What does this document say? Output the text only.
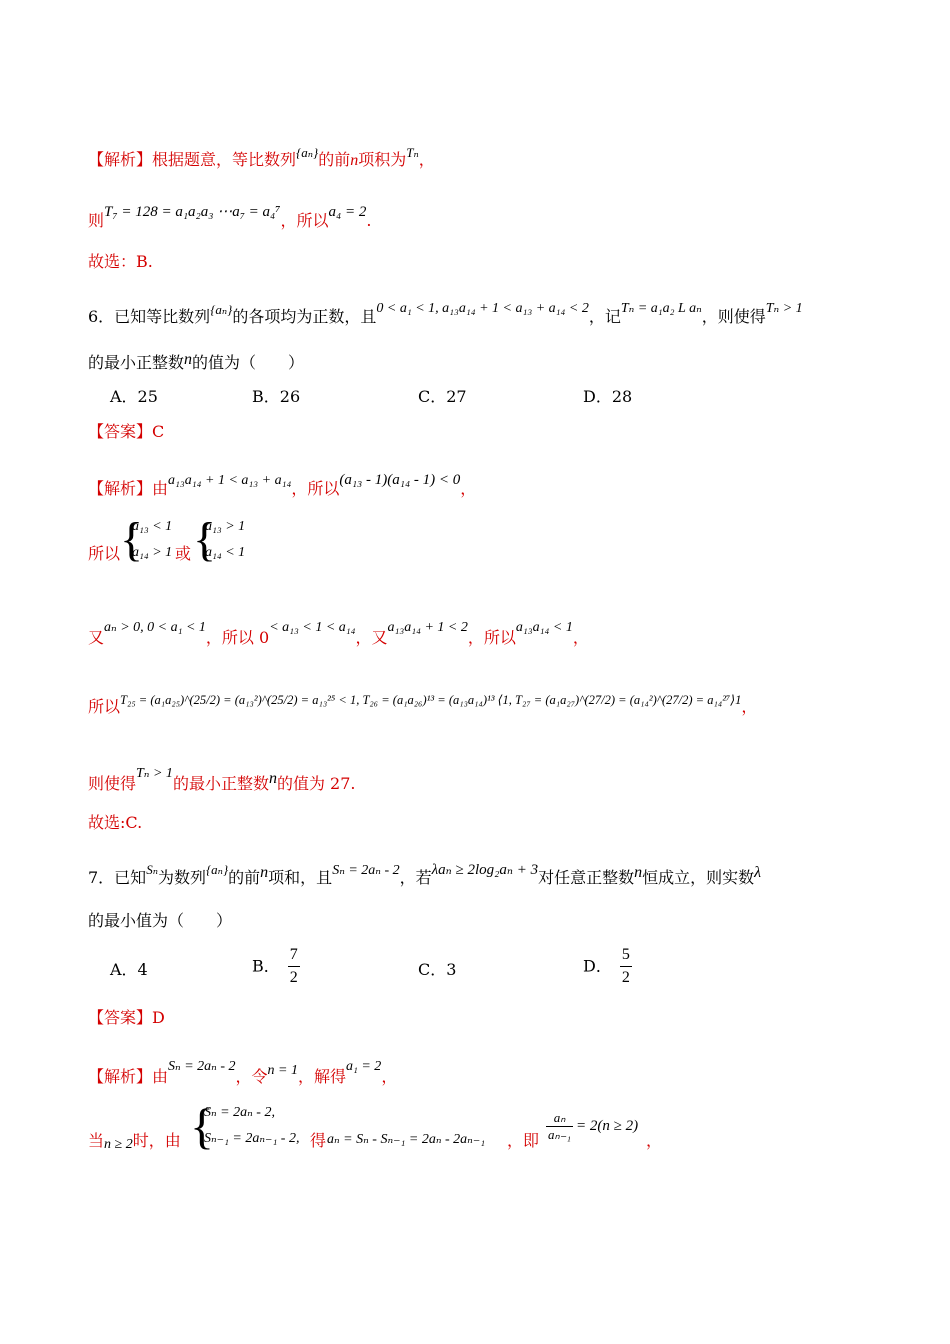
【解析】根据题意，等比数列$^{\{a_n\}}$的前n项积为$^{T_n}$，
则T₇ = 128 = a₁a₂a₃ ⋯a₇ = a₄⁷，所以a₄ = 2.
故选：B.
6．已知等比数列$^{\{a_n\}}$的各项均为正数，且0 < a₁ < 1, a₁₃a₁₄ + 1 < a₁₃ + a₁₄ < 2，记Tₙ = a₁a₂ L aₙ，则使得Tₙ > 1
的最小正整数n的值为（　　）
A．25	B．26	C．27	D．28
【答案】C
【解析】由a₁₃a₁₄ + 1 < a₁₃ + a₁₄，所以(a₁₃ - 1)(a₁₄ - 1) < 0，
所以 {
a₁₃ < 1
a₁₄ > 1 或 {
a₁₃ > 1
a₁₄ < 1
又aₙ > 0, 0 < a₁ < 1，所以 0< a₁₃ < 1 < a₁₄，又a₁₃a₁₄ + 1 < 2，所以a₁₃a₁₄ < 1，
所以$^{T_{25} = (a_1a_{25})\^{}(25/2) = (a_{13}^2)\^{}(25/2) = a_{13}^{25} < 1, T_{26} = (a_1a_{26})^{13} = (a_{13}a_{14})^{13} ⟨1, T_{27} = (a_1a_{27})\^{}(27/2) = (a_{14}^2)\^{}(27/2) = a_{14}^{27}⟩1}$，
则使得Tₙ > 1的最小正整数n的值为 27.
故选:C.
7．已知$^{S_n}$为数列$^{\{a_n\}}$的前n项和，且Sₙ = 2aₙ - 2，若λaₙ ≥ 2log₂aₙ + 3对任意正整数n恒成立，则实数λ
的最小值为（　　）
A．4	B． $\frac{7}{2}$	C．3	D． $\frac{5}{2}$
【答案】D
【解析】由Sₙ = 2aₙ - 2，令n = 1，解得a₁ = 2，
当n ≥ 2时，由 {
Sₙ = 2aₙ - 2,
Sₙ₋₁ = 2aₙ₋₁ - 2, 得 aₙ = Sₙ - Sₙ₋₁ = 2aₙ - 2aₙ₋₁ ，即 $\frac{\text{aₙ}}{\text{aₙ₋₁}} = 2(n \ge 2)$
，
